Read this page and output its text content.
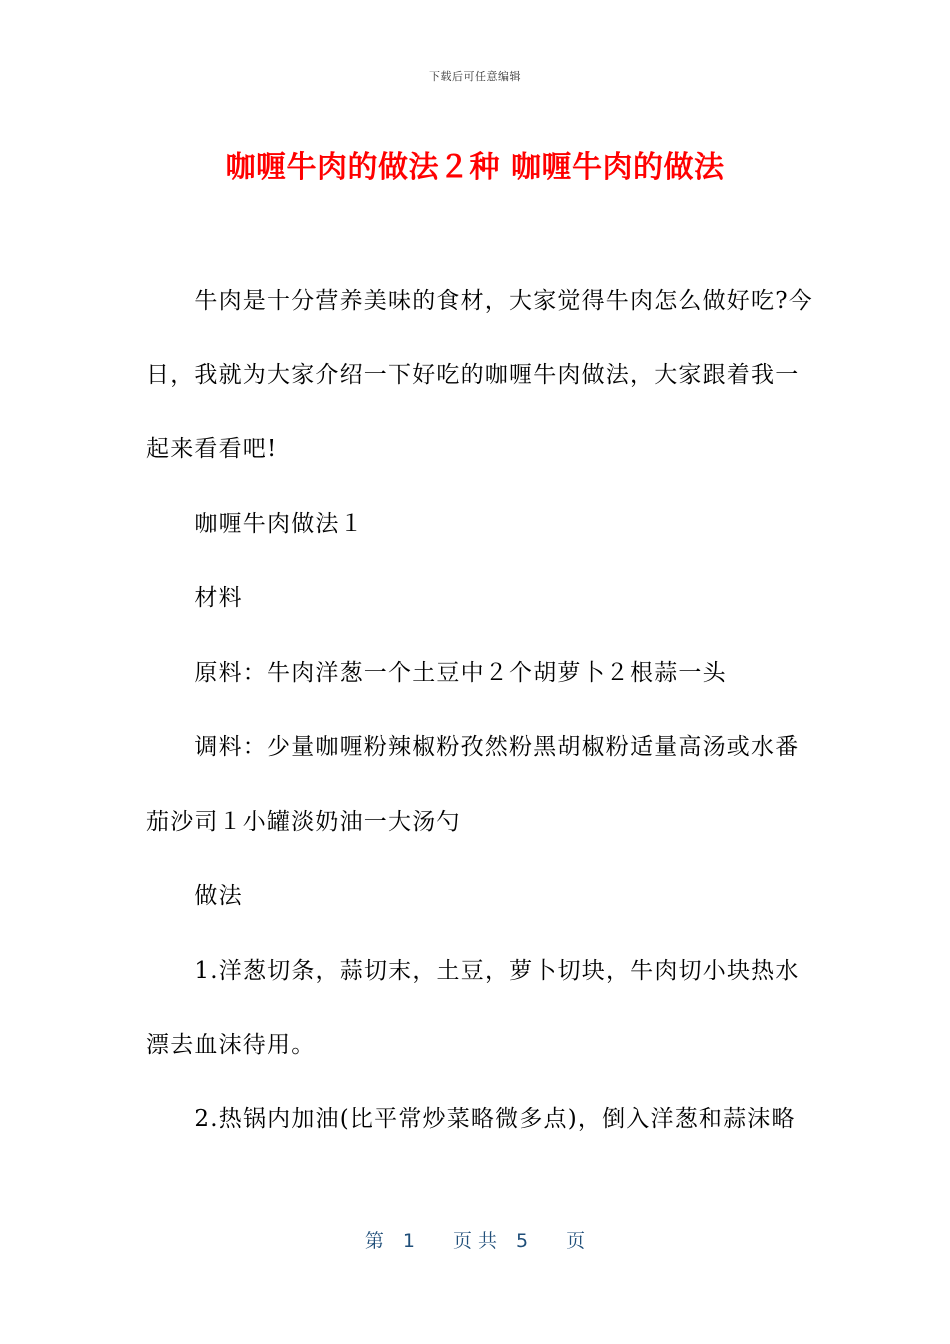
下载后可任意编辑
咖喱牛肉的做法２种 咖喱牛肉的做法
　　牛肉是十分营养美味的食材，大家觉得牛肉怎么做好吃?今
日，我就为大家介绍一下好吃的咖喱牛肉做法，大家跟着我一
起来看看吧!
　　咖喱牛肉做法１
　　材料
　　原料：牛肉洋葱一个土豆中２个胡萝卜２根蒜一头
　　调料：少量咖喱粉辣椒粉孜然粉黑胡椒粉适量高汤或水番
茄沙司１小罐淡奶油一大汤勺
　　做法
　　1.洋葱切条，蒜切末，土豆，萝卜切块，牛肉切小块热水
漂去血沫待用。
　　2.热锅内加油(比平常炒菜略微多点)，倒入洋葱和蒜沫略
第　1　　页 共　5　　页
